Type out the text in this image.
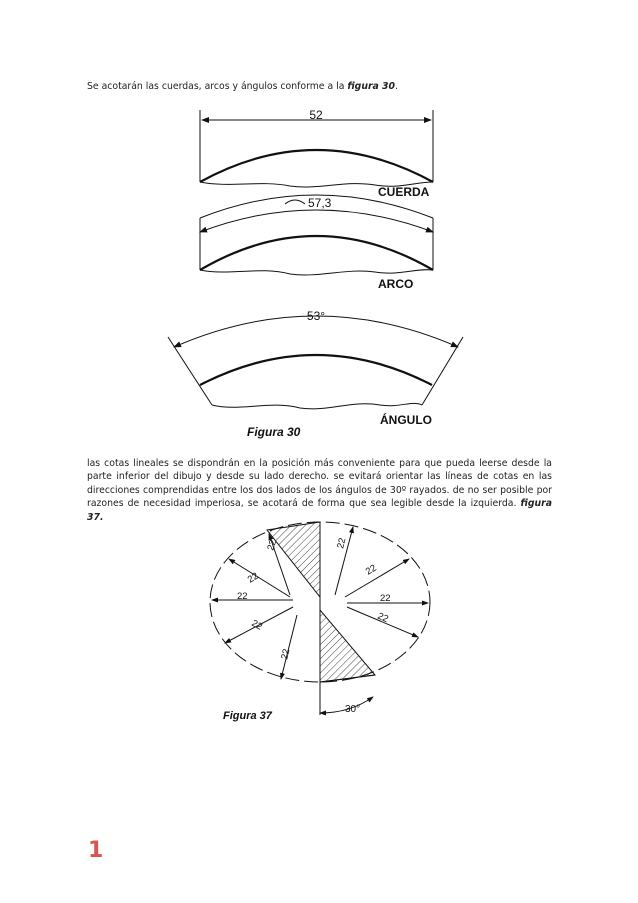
Se acotarán las cuerdas, arcos y ángulos conforme a la figura 30.

52
CUERDA
57,3
ARCO
53°
ÁNGULO
Figura 30

las cotas lineales se dispondrán en la posición más conveniente para que pueda leerse desde la parte inferior del dibujo y desde su lado derecho. se evitará orientar las líneas de cotas en las direcciones comprendidas entre los dos lados de los ángulos de 30º rayados. de no ser posible por razones de necesidad imperiosa, se acotará de forma que sea legible desde la izquierda. figura 37.

22
22
22
22
22
22
22
22
22
30°
Figura 37
1
